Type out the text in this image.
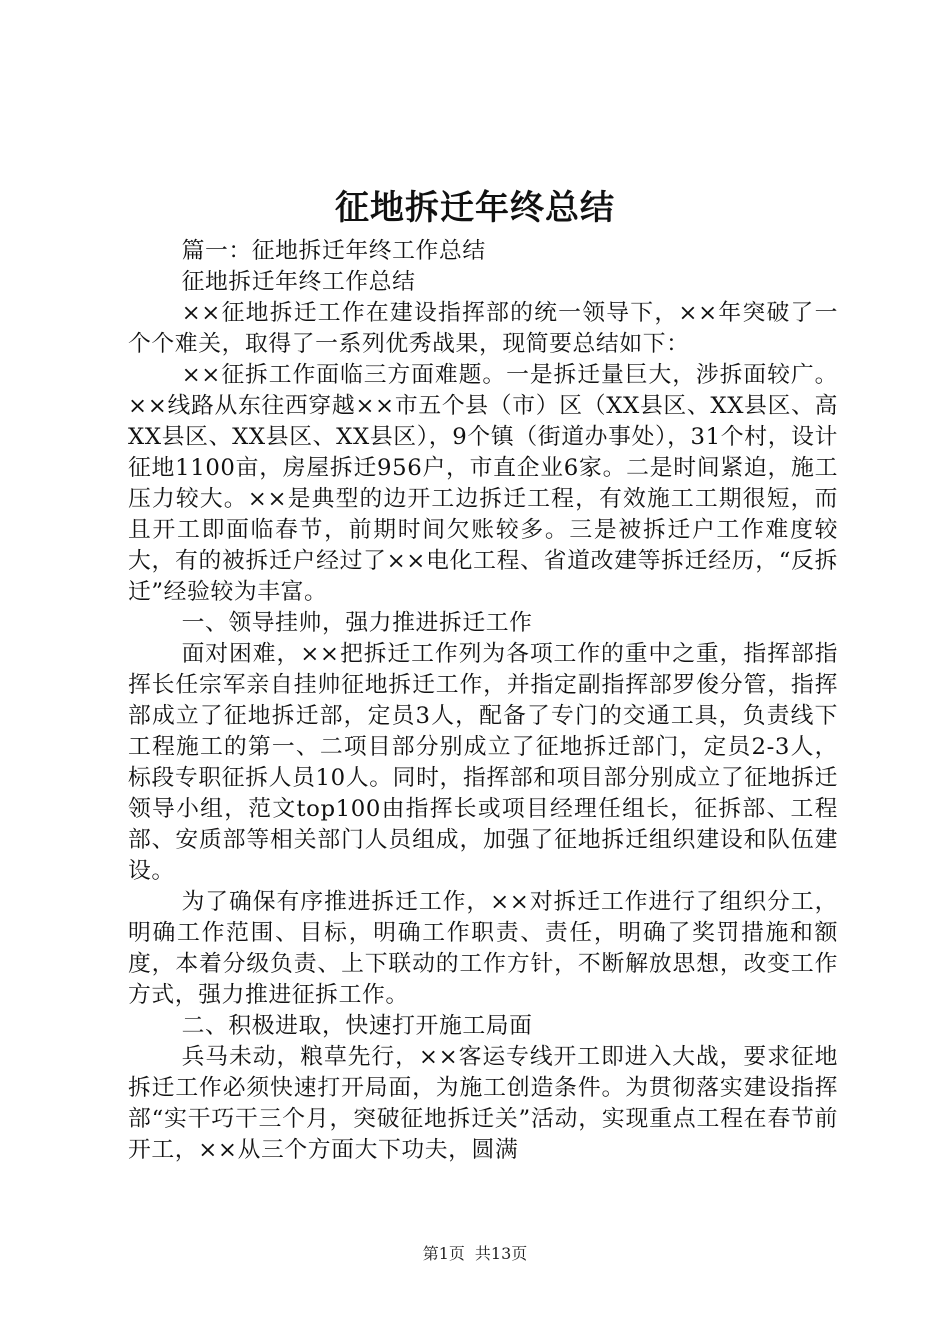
征地拆迁年终总结

篇一：征地拆迁年终工作总结

征地拆迁年终工作总结

××征地拆迁工作在建设指挥部的统一领导下，××年突破了一个个难关，取得了一系列优秀战果，现简要总结如下：

××征拆工作面临三方面难题。一是拆迁量巨大，涉拆面较广。××线路从东往西穿越××市五个县（市）区（XX县区、XX县区、高XX县区、XX县区、XX县区），9个镇（街道办事处），31个村，设计征地1100亩，房屋拆迁956户，市直企业6家。二是时间紧迫，施工压力较大。××是典型的边开工边拆迁工程，有效施工工期很短，而且开工即面临春节，前期时间欠账较多。三是被拆迁户工作难度较大，有的被拆迁户经过了××电化工程、省道改建等拆迁经历，“反拆迁”经验较为丰富。

一、领导挂帅，强力推进拆迁工作

面对困难，××把拆迁工作列为各项工作的重中之重，指挥部指挥长任宗军亲自挂帅征地拆迁工作，并指定副指挥部罗俊分管，指挥部成立了征地拆迁部，定员3人，配备了专门的交通工具，负责线下工程施工的第一、二项目部分别成立了征地拆迁部门，定员2-3人，标段专职征拆人员10人。同时，指挥部和项目部分别成立了征地拆迁领导小组，范文top100由指挥长或项目经理任组长，征拆部、工程部、安质部等相关部门人员组成，加强了征地拆迁组织建设和队伍建设。

为了确保有序推进拆迁工作，××对拆迁工作进行了组织分工，明确工作范围、目标，明确工作职责、责任，明确了奖罚措施和额度，本着分级负责、上下联动的工作方针，不断解放思想，改变工作方式，强力推进征拆工作。

二、积极进取，快速打开施工局面

兵马未动，粮草先行，××客运专线开工即进入大战，要求征地拆迁工作必须快速打开局面，为施工创造条件。为贯彻落实建设指挥部“实干巧干三个月，突破征地拆迁关”活动，实现重点工程在春节前开工，××从三个方面大下功夫，圆满

第1页 共13页
